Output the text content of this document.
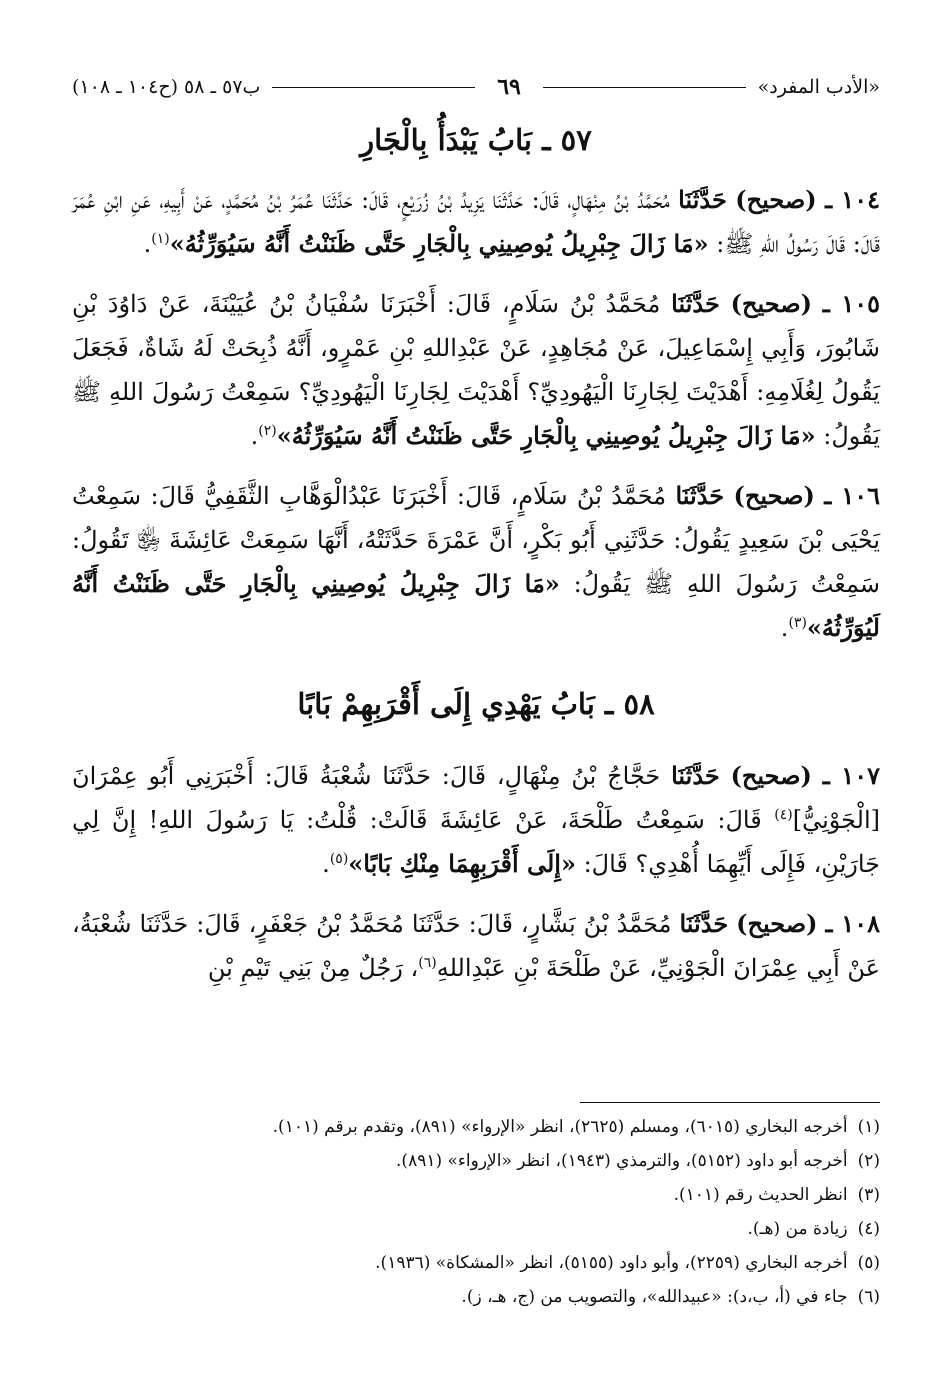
«الأدب المفرد»
٦٩
ب٥٧ ـ ٥٨ (ح١٠٤ ـ ١٠٨)
٥٧ ـ بَابُ يَبْدَأُ بِالْجَارِ

١٠٤ ـ (صحيح) حَدَّثَنَا مُحَمَّدُ بْنُ مِنْهَالٍ، قَالَ: حَدَّثَنَا يَزِيدُ بْنُ زُرَيْعٍ، قَالَ: حَدَّثَنَا عُمَرُ بْنُ مُحَمَّدٍ، عَنْ أَبِيهِ، عَنِ ابْنِ عُمَرَ قَالَ: قَالَ رَسُولُ اللهِ ﷺ: «مَا زَالَ جِبْرِيلُ يُوصِينِي بِالْجَارِ حَتَّى ظَنَنْتُ أَنَّهُ سَيُوَرِّثُهُ»$^{(١)}$.

١٠٥ ـ (صحيح) حَدَّثَنَا مُحَمَّدُ بْنُ سَلَامٍ، قَالَ: أَخْبَرَنَا سُفْيَانُ بْنُ عُيَيْنَةَ، عَنْ دَاوُدَ بْنِ شَابُورَ، وَأَبِي إِسْمَاعِيلَ، عَنْ مُجَاهِدٍ، عَنْ عَبْدِاللهِ بْنِ عَمْرٍو، أَنَّهُ ذُبِحَتْ لَهُ شَاةٌ، فَجَعَلَ يَقُولُ لِغُلَامِهِ: أَهْدَيْتَ لِجَارِنَا الْيَهُودِيِّ؟ أَهْدَيْتَ لِجَارِنَا الْيَهُودِيِّ؟ سَمِعْتُ رَسُولَ اللهِ ﷺ يَقُولُ: «مَا زَالَ جِبْرِيلُ يُوصِينِي بِالْجَارِ حَتَّى ظَنَنْتُ أَنَّهُ سَيُوَرِّثُهُ»$^{(٢)}$.

١٠٦ ـ (صحيح) حَدَّثَنَا مُحَمَّدُ بْنُ سَلَامٍ، قَالَ: أَخْبَرَنَا عَبْدُالْوَهَّابِ الثَّقَفِيُّ قَالَ: سَمِعْتُ يَحْيَى بْنَ سَعِيدٍ يَقُولُ: حَدَّثَنِي أَبُو بَكْرٍ، أَنَّ عَمْرَةَ حَدَّثَتْهُ، أَنَّهَا سَمِعَتْ عَائِشَةَ ﵂ تَقُولُ: سَمِعْتُ رَسُولَ اللهِ ﷺ يَقُولُ: «مَا زَالَ جِبْرِيلُ يُوصِينِي بِالْجَارِ حَتَّى ظَنَنْتُ أَنَّهُ لَيُوَرِّثُهُ»$^{(٣)}$.

٥٨ ـ بَابُ يَهْدِي إِلَى أَقْرَبِهِمْ بَابًا

١٠٧ ـ (صحيح) حَدَّثَنَا حَجَّاجُ بْنُ مِنْهَالٍ، قَالَ: حَدَّثَنَا شُعْبَةُ قَالَ: أَخْبَرَنِي أَبُو عِمْرَانَ [الْجَوْنِيُّ]$^{(٤)}$ قَالَ: سَمِعْتُ طَلْحَةَ، عَنْ عَائِشَةَ قَالَتْ: قُلْتُ: يَا رَسُولَ اللهِ! إِنَّ لِي جَارَيْنِ، فَإِلَى أَيِّهِمَا أُهْدِي؟ قَالَ: «إِلَى أَقْرَبِهِمَا مِنْكِ بَابًا»$^{(٥)}$.

١٠٨ ـ (صحيح) حَدَّثَنَا مُحَمَّدُ بْنُ بَشَّارٍ، قَالَ: حَدَّثَنَا مُحَمَّدُ بْنُ جَعْفَرٍ، قَالَ: حَدَّثَنَا شُعْبَةُ، عَنْ أَبِي عِمْرَانَ الْجَوْنِيِّ، عَنْ طَلْحَةَ بْنِ عَبْدِاللهِ$^{(٦)}$، رَجُلٌ مِنْ بَنِي تَيْمِ بْنِ

(١)
أخرجه البخاري (٦٠١٥)، ومسلم (٢٦٢٥)، انظر «الإرواء» (٨٩١)، وتقدم برقم (١٠١).
(٢)
أخرجه أبو داود (٥١٥٢)، والترمذي (١٩٤٣)، انظر «الإرواء» (٨٩١).
(٣)
انظر الحديث رقم (١٠١).
(٤)
زيادة من (هـ).
(٥)
أخرجه البخاري (٢٢٥٩)، وأبو داود (٥١٥٥)، انظر «المشكاة» (١٩٣٦).
(٦)
جاء في (أ، ب،د): «عبيدالله»، والتصويب من (ج، هـ، ز).
